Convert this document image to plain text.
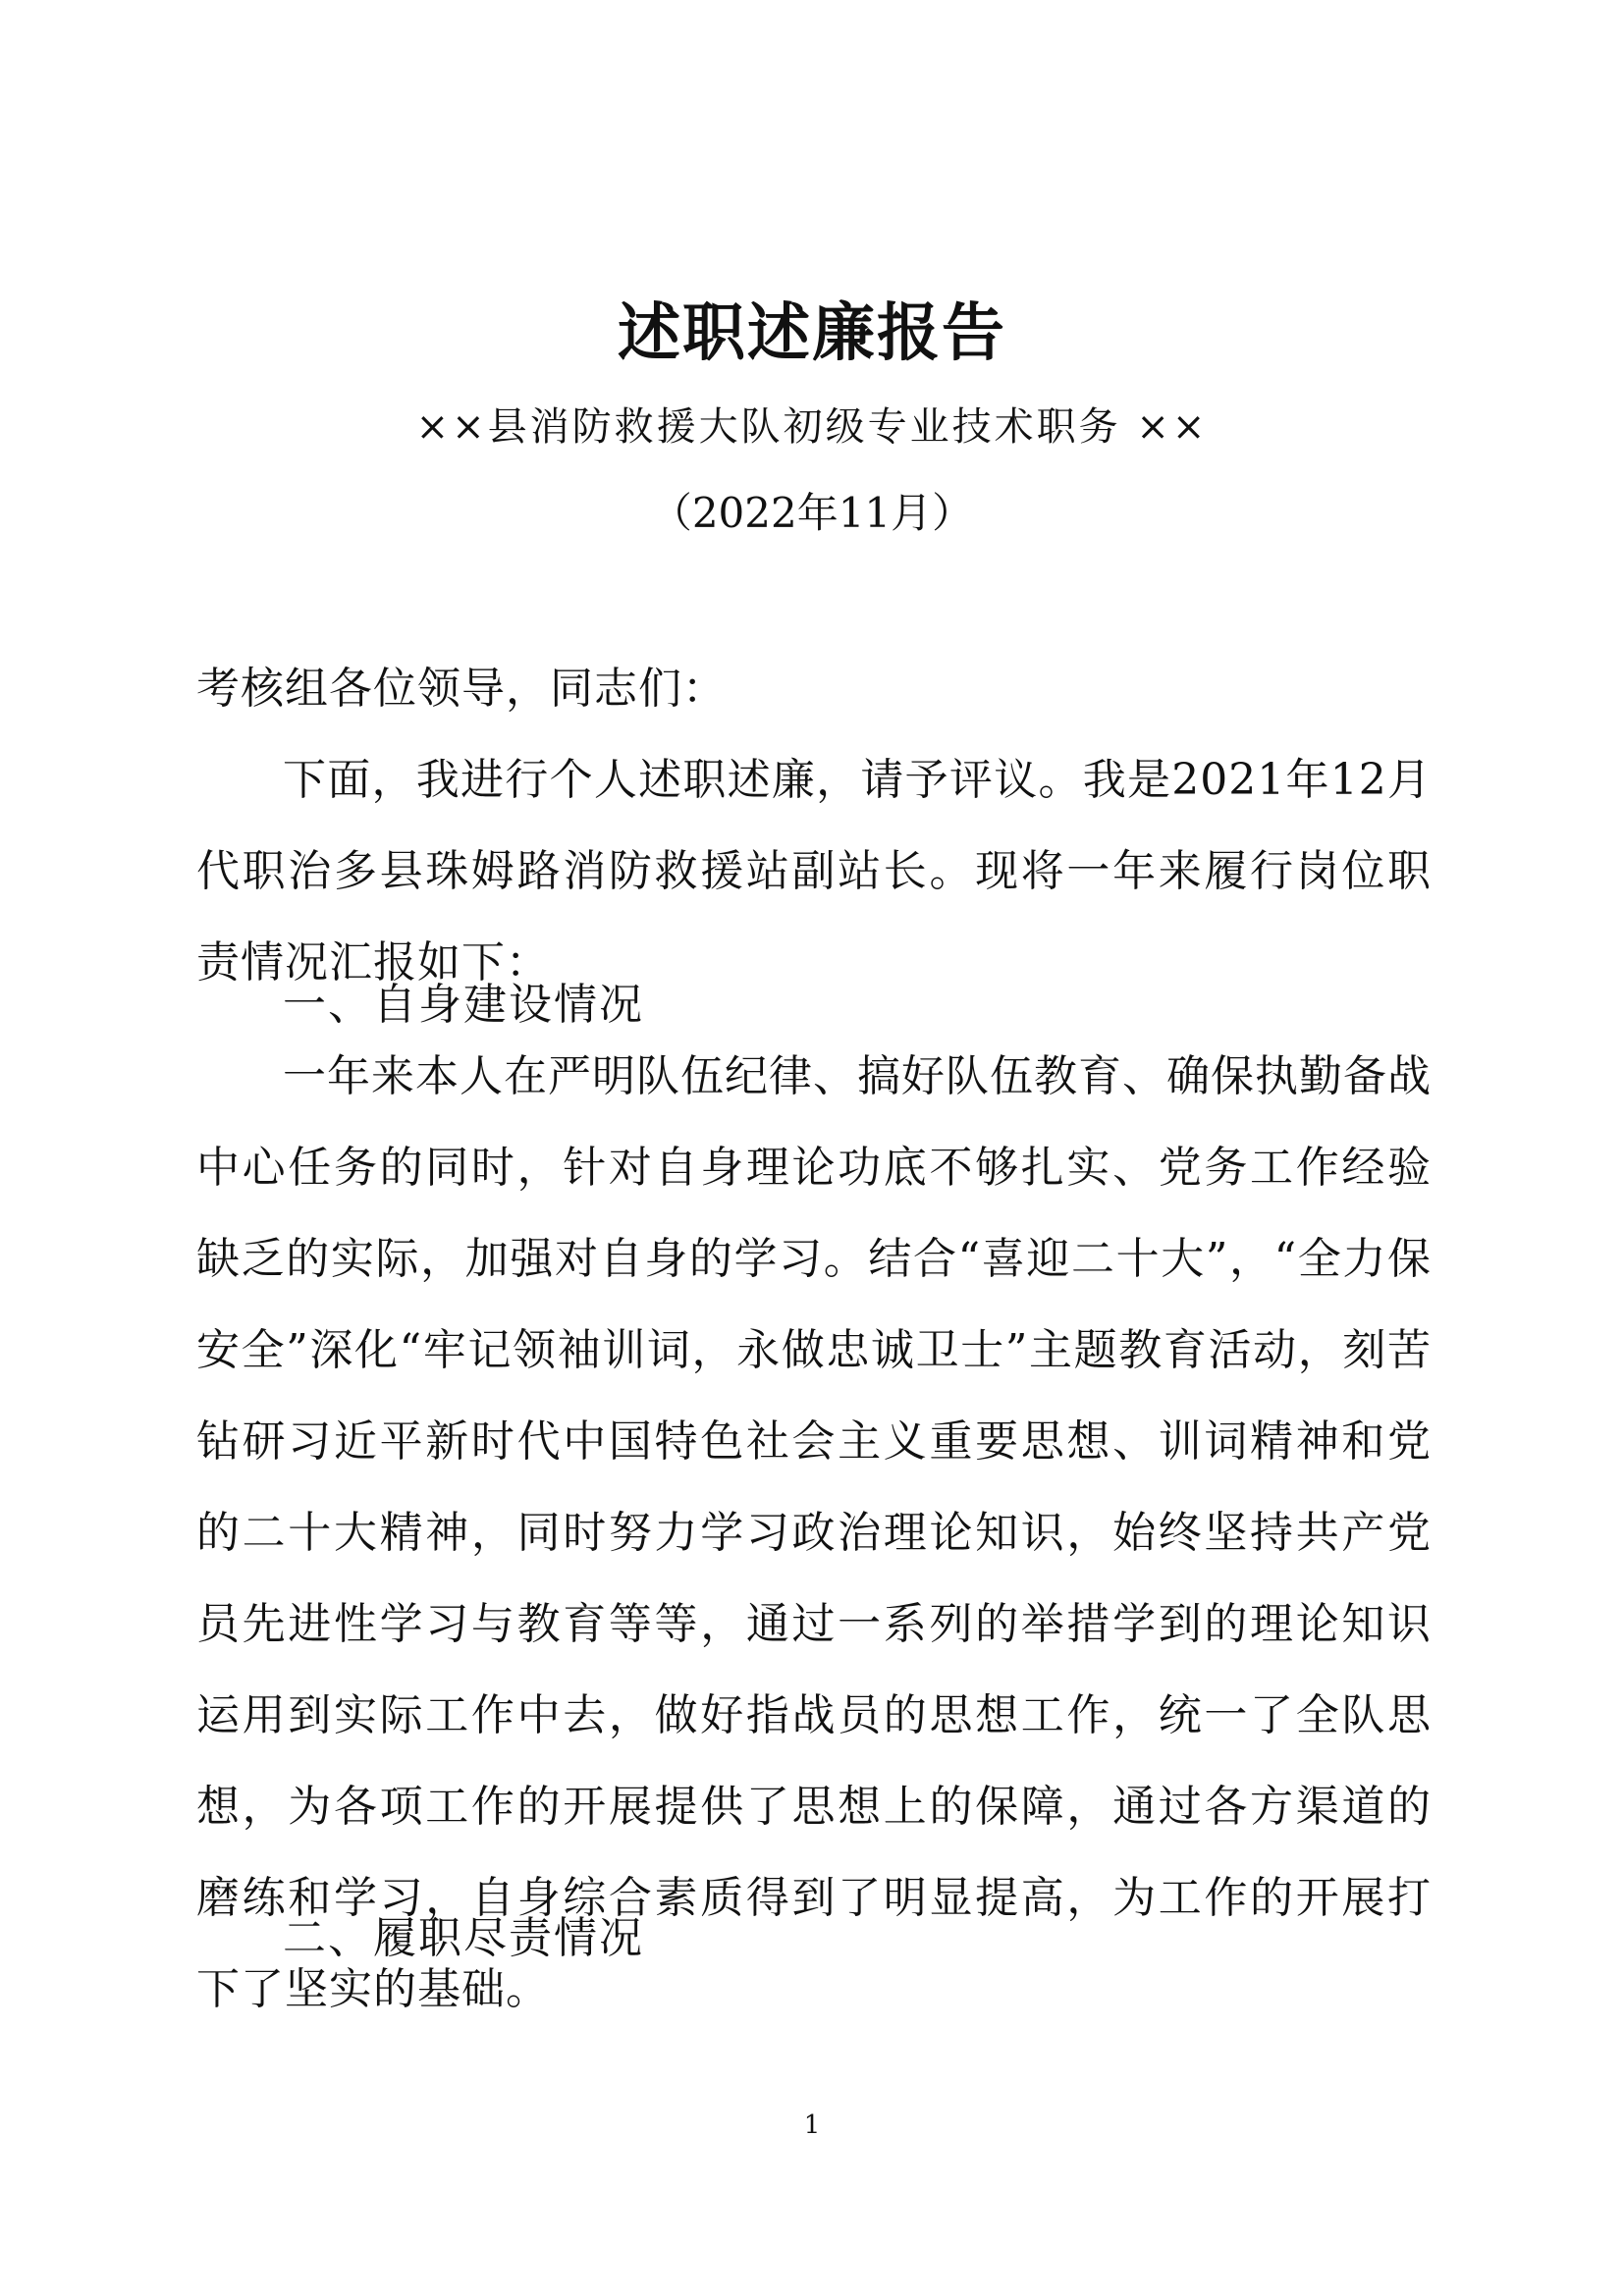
述职述廉报告
××县消防救援大队初级专业技术职务 ××
（2022年11月）
考核组各位领导，同志们：
下面，我进行个人述职述廉，请予评议。我是2021年12月代职治多县珠姆路消防救援站副站长。现将一年来履行岗位职责情况汇报如下：
一、自身建设情况
一年来本人在严明队伍纪律、搞好队伍教育、确保执勤备战中心任务的同时，针对自身理论功底不够扎实、党务工作经验缺乏的实际，加强对自身的学习。结合“喜迎二十大”，“全力保安全”深化“牢记领袖训词，永做忠诚卫士”主题教育活动，刻苦钻研习近平新时代中国特色社会主义重要思想、训词精神和党的二十大精神，同时努力学习政治理论知识，始终坚持共产党员先进性学习与教育等等，通过一系列的举措学到的理论知识运用到实际工作中去，做好指战员的思想工作，统一了全队思想，为各项工作的开展提供了思想上的保障，通过各方渠道的磨练和学习，自身综合素质得到了明显提高，为工作的开展打下了坚实的基础。
二、履职尽责情况
1
